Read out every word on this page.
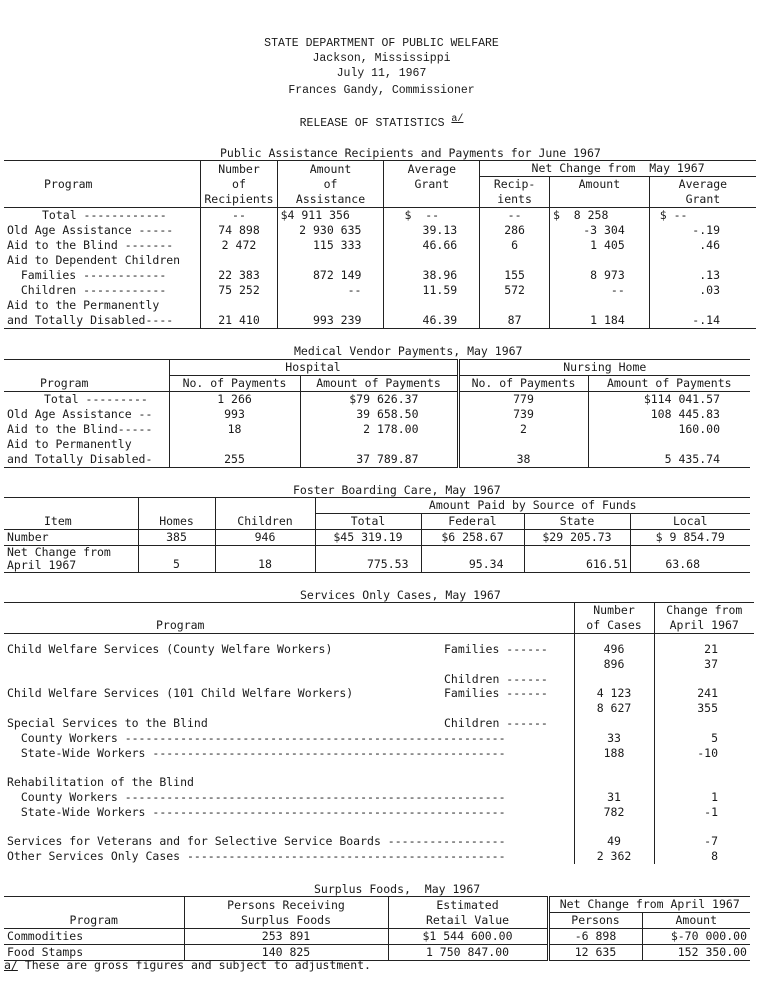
STATE DEPARTMENT OF PUBLIC WELFARE
Jackson, Mississippi
July 11, 1967
Frances Gandy, Commissioner
RELEASE OF STATISTICS $^{a/}$
Public Assistance Recipients and Payments for June 1967
Program	Number	Amount	Average	Net Change from  May 1967		
	of	of	Grant	Recip-	Amount	Average
	Recipients	Assistance		ients		Grant
Total ------------	--	$4 911 356	$  --	--	$  8 258	$ --
Old Age Assistance -----	74 898	2 930 635	39.13	286	-3 304	-.19
Aid to the Blind -------	2 472	115 333	46.66	6	1 405	.46
Aid to Dependent Children						
Families ------------	22 383	872 149	38.96	155	8 973	.13
Children ------------	75 252	--	11.59	572	--	.03
Aid to the Permanently						
and Totally Disabled----	21 410	993 239	46.39	87	1 184	-.14
Medical Vendor Payments, May 1967
	Hospital		Nursing Home	
Program	No. of Payments	Amount of Payments	No. of Payments	Amount of Payments
Total ---------	1 266	$79 626.37	779	$114 041.57
Old Age Assistance --	993	39 658.50	739	108 445.83
Aid to the Blind-----	18	2 178.00	2	160.00
Aid to Permanently				
and Totally Disabled-	255	37 789.87	38	5 435.74
Foster Boarding Care, May 1967
			Amount Paid by Source of Funds			
Item	Homes	Children	Total	Federal	State	Local
Number	385	946	$45 319.19	$6 258.67	$29 205.73	$ 9 854.79
Net Change from
April 1967	5	18	775.53	95.34	616.51	63.68
Services Only Cases, May 1967
	Number	Change from
Program	of Cases	April 1967

Child Welfare Services (County Welfare Workers) Families ------	496	21

Children ------	896	37

Child Welfare Services (101 Child Welfare Workers) Families ------	4 123	241

Children ------	8 627	355
Special Services to the Blind		
County Workers -------------------------------------------------------	33	5
State-Wide Workers ---------------------------------------------------	188	-10

Rehabilitation of the Blind		
County Workers -------------------------------------------------------	31	1
State-Wide Workers ---------------------------------------------------	782	-1

Services for Veterans and for Selective Service Boards -----------------	49	-7
Other Services Only Cases ----------------------------------------------	2 362	8
Surplus Foods,  May 1967
	Persons Receiving	Estimated	Net Change from April 1967	
Program	Surplus Foods	Retail Value	Persons	Amount
Commodities	253 891	$1 544 600.00	-6 898	$-70 000.00
Food Stamps	140 825	1 750 847.00	12 635	152 350.00
a/ These are gross figures and subject to adjustment.
